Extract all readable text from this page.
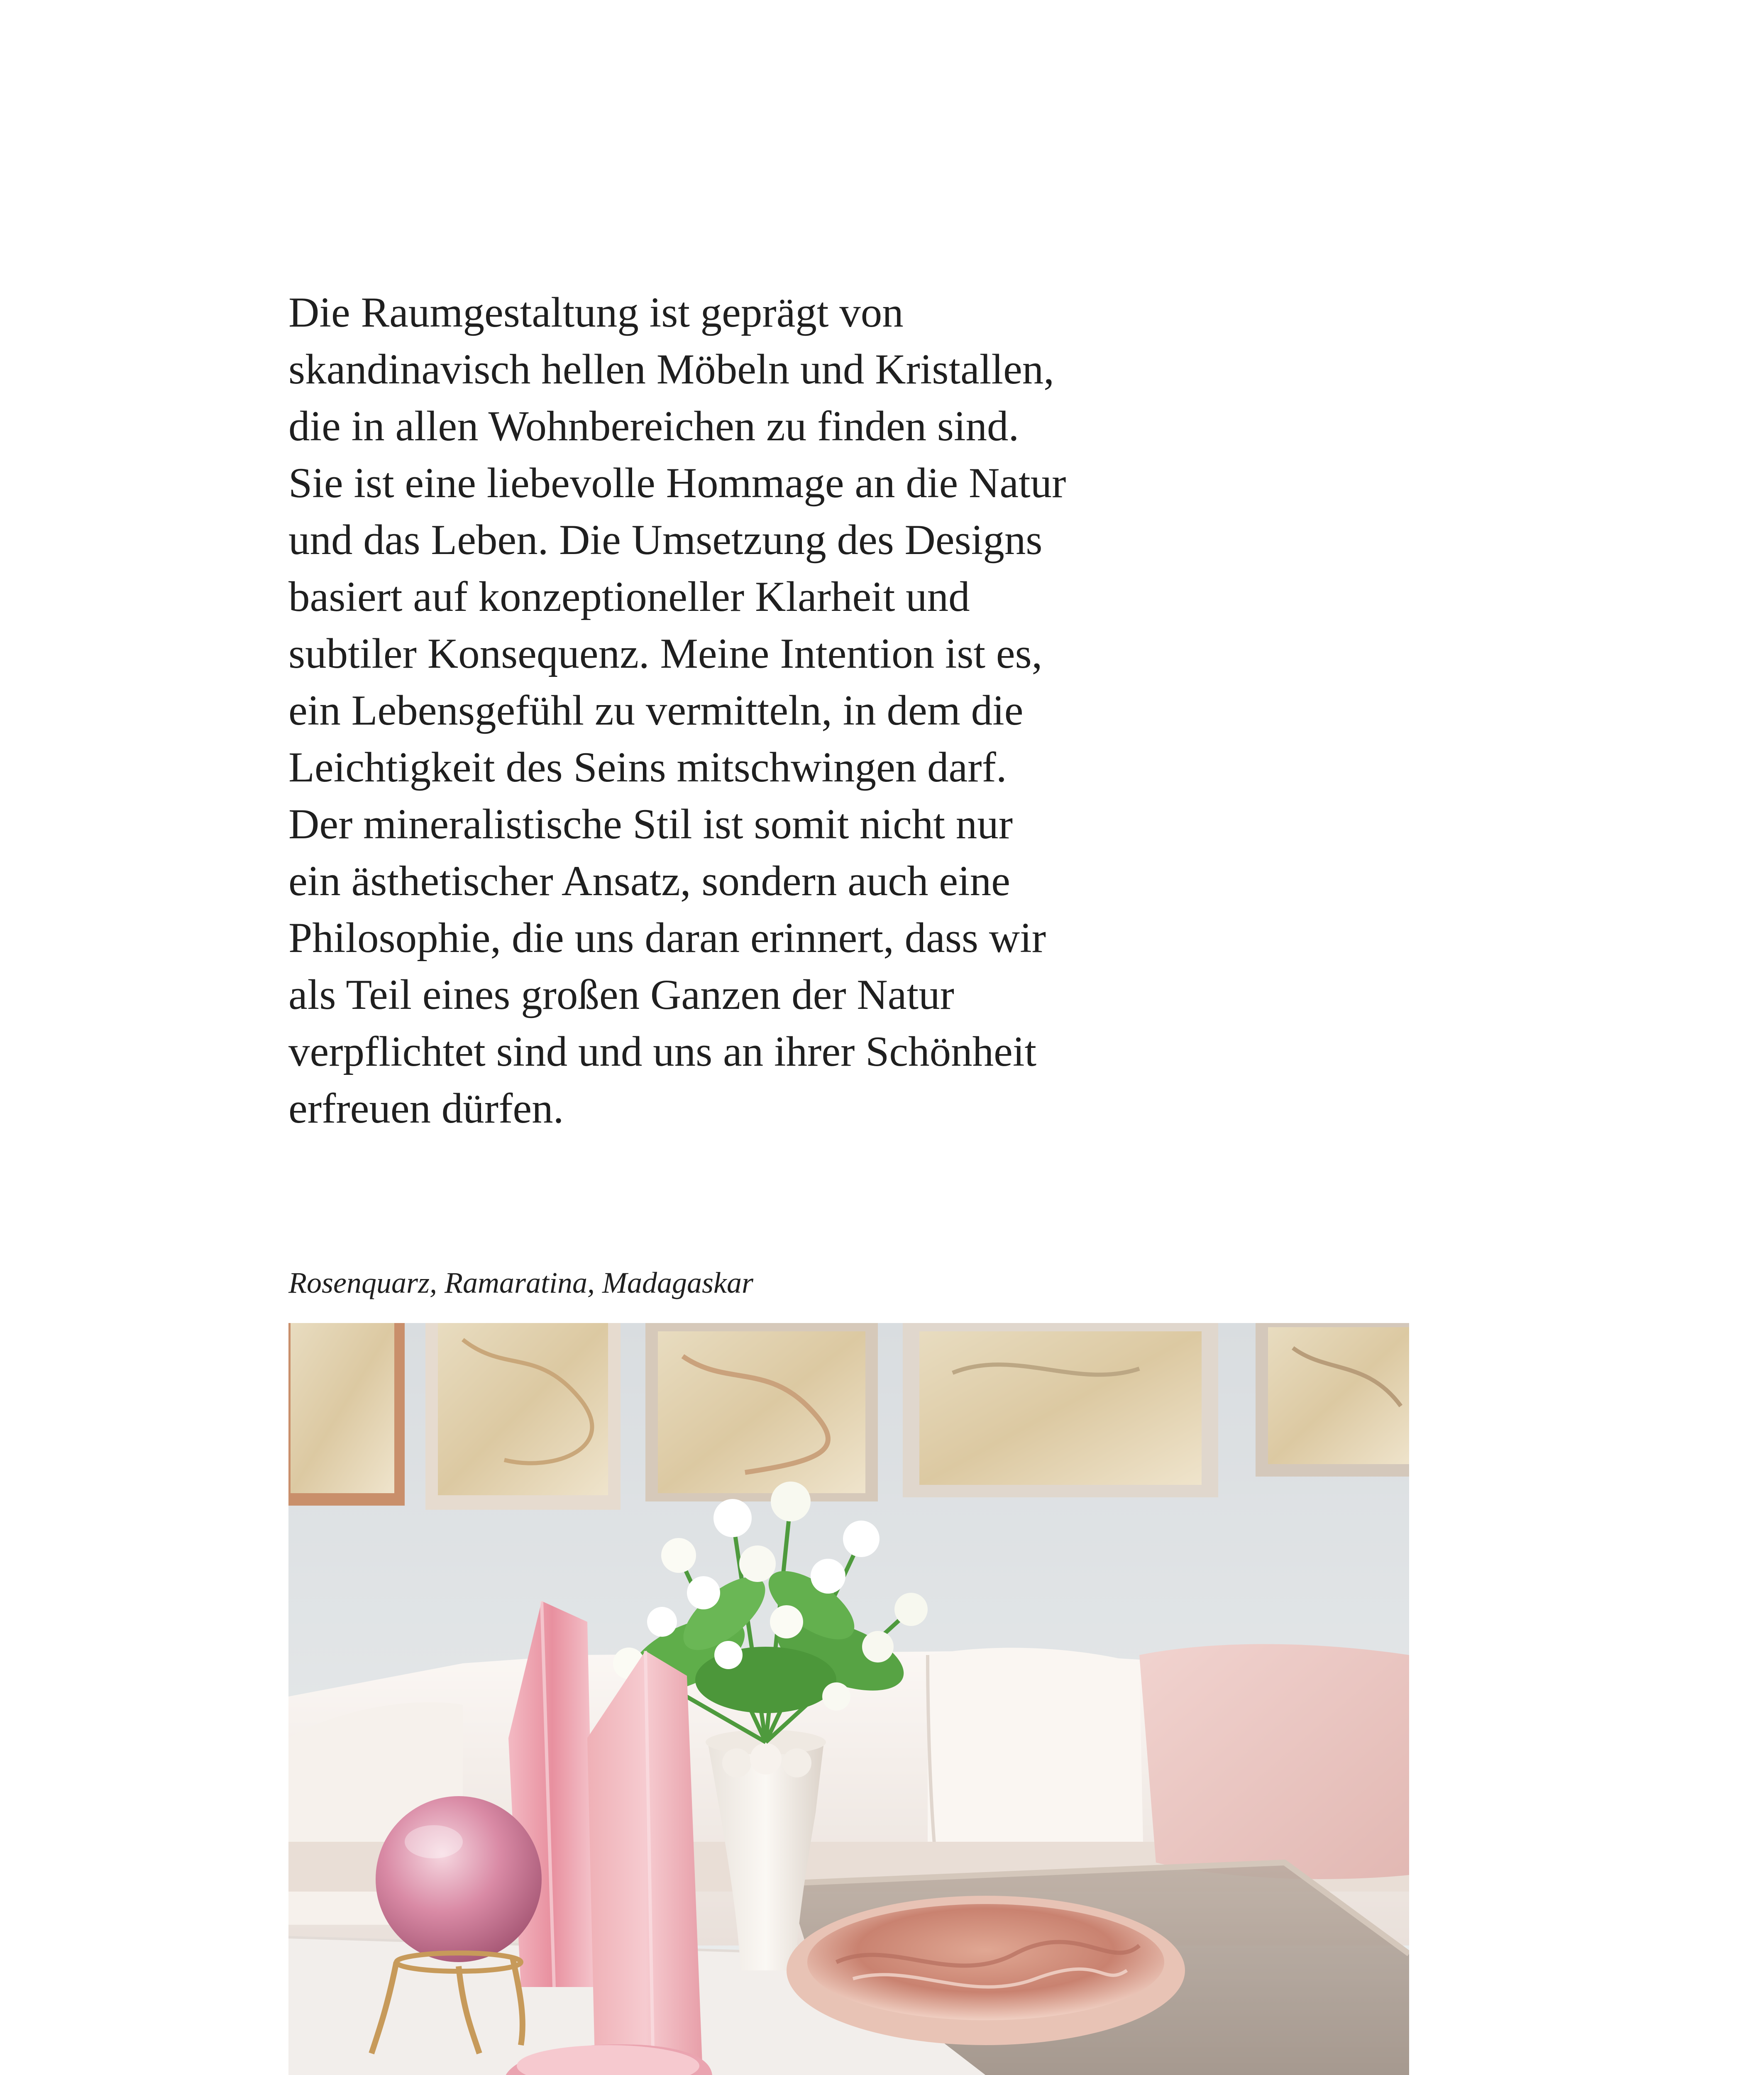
Die Raumgestaltung ist geprägt von
skandinavisch hellen Möbeln und Kristallen,
die in allen Wohnbereichen zu finden sind.
Sie ist eine liebevolle Hommage an die Natur
und das Leben. Die Umsetzung des Designs
basiert auf konzeptioneller Klarheit und
subtiler Konsequenz. Meine Intention ist es,
ein Lebensgefühl zu vermitteln, in dem die
Leichtigkeit des Seins mitschwingen darf.
Der mineralistische Stil ist somit nicht nur
ein ästhetischer Ansatz, sondern auch eine
Philosophie, die uns daran erinnert, dass wir
als Teil eines großen Ganzen der Natur
verpflichtet sind und uns an ihrer Schönheit
erfreuen dürfen.
Rosenquarz, Ramaratina, Madagaskar
